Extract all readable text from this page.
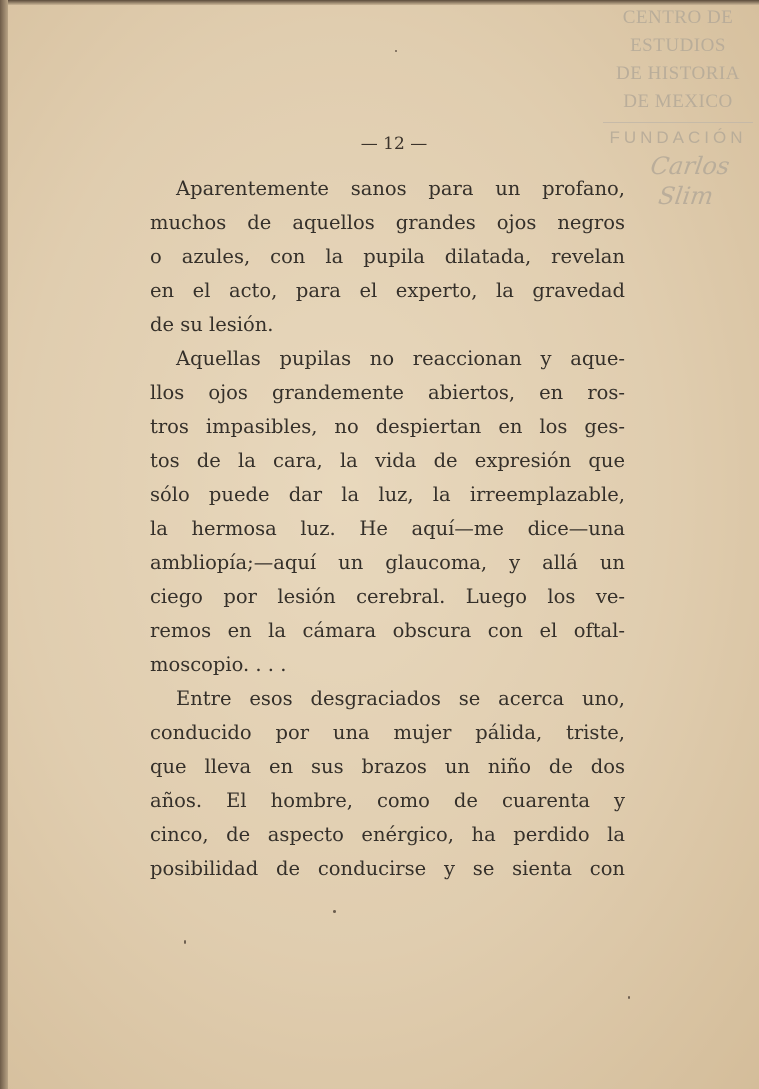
CENTRO DE
ESTUDIOS
DE HISTORIA
DE MEXICO
FUNDACIÓN
Carlos Slim
— 12 —
Aparentemente sanos para un profano,
muchos de aquellos grandes ojos negros
o azules, con la pupila dilatada, revelan
en el acto, para el experto, la gravedad
de su lesión.
Aquellas pupilas no reaccionan y aque-
llos ojos grandemente abiertos, en ros-
tros impasibles, no despiertan en los ges-
tos de la cara, la vida de expresión que
sólo puede dar la luz, la irreemplazable,
la hermosa luz. He aquí—me dice—una
ambliopía;—aquí un glaucoma, y allá un
ciego por lesión cerebral. Luego los ve-
remos en la cámara obscura con el oftal-
moscopio. . . .
Entre esos desgraciados se acerca uno,
conducido por una mujer pálida, triste,
que lleva en sus brazos un niño de dos
años. El hombre, como de cuarenta y
cinco, de aspecto enérgico, ha perdido la
posibilidad de conducirse y se sienta con
